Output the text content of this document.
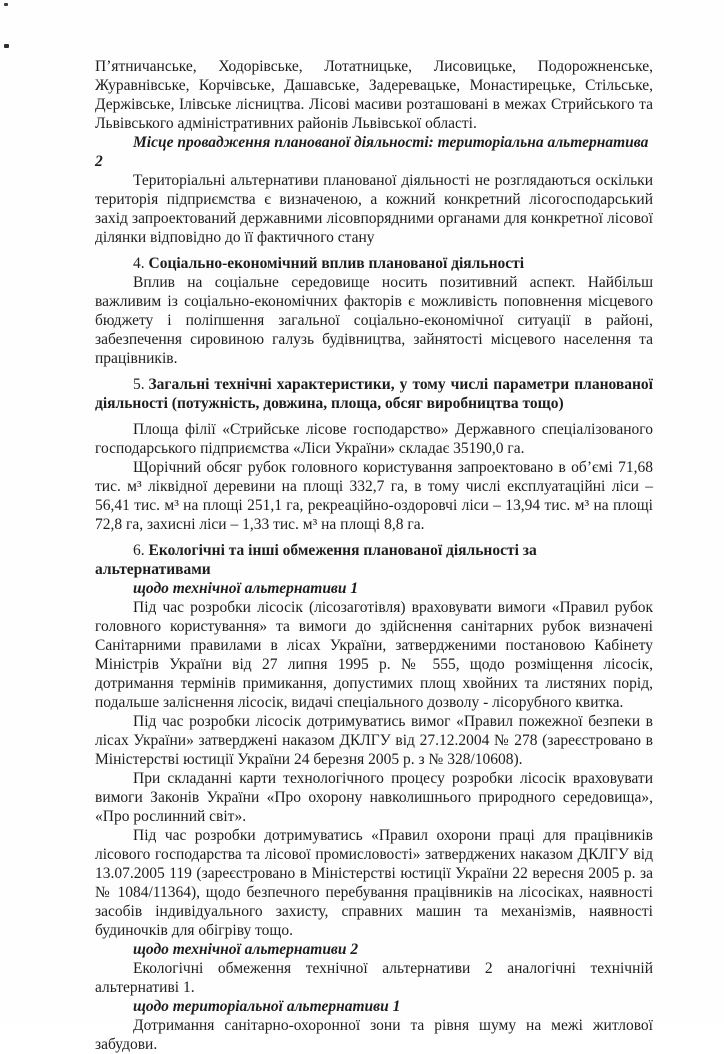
П’ятничанське, Ходорівське, Лотатницьке, Лисовицьке, Подорожненське, Журавнівське, Корчівське, Дашавське, Задеревацьке, Монастирецьке, Стільське, Держівське, Ілівське лісництва. Лісові масиви розташовані в межах Стрийського та Львівського адміністративних районів Львівської області.

Місце провадження планованої діяльності: територіальна альтернатива 2

Територіальні альтернативи планованої діяльності не розглядаються оскільки територія підприємства є визначеною, а кожний конкретний лісогосподарський захід запроектований державними лісовпорядними органами для конкретної лісової ділянки відповідно до її фактичного стану

4. Соціально-економічний вплив планованої діяльності

Вплив на соціальне середовище носить позитивний аспект. Найбільш важливим із соціально-економічних факторів є можливість поповнення місцевого бюджету і поліпшення загальної соціально-економічної ситуації в районі, забезпечення сировиною галузь будівництва, зайнятості місцевого населення та працівників.

5. Загальні технічні характеристики, у тому числі параметри планованої діяльності (потужність, довжина, площа, обсяг виробництва тощо)

Площа філії «Стрийське лісове господарство» Державного спеціалізованого господарського підприємства «Ліси України» складає 35190,0 га.

Щорічний обсяг рубок головного користування запроектовано в об’ємі 71,68 тис. м³ ліквідної деревини на площі 332,7 га, в тому числі експлуатаційні ліси – 56,41 тис. м³ на площі 251,1 га, рекреаційно-оздоровчі ліси – 13,94 тис. м³ на площі 72,8 га, захисні ліси – 1,33 тис. м³ на площі 8,8 га.

6. Екологічні та інші обмеження планованої діяльності за альтернативами

щодо технічної альтернативи 1

Під час розробки лісосік (лісозаготівля) враховувати вимоги «Правил рубок головного користування» та вимоги до здійснення санітарних рубок визначені Санітарними правилами в лісах України, затвердженими постановою Кабінету Міністрів України від 27 липня 1995 р. № 555, щодо розміщення лісосік, дотримання термінів примикання, допустимих площ хвойних та листяних порід, подальше заліснення лісосік, видачі спеціального дозволу - лісорубного квитка.

Під час розробки лісосік дотримуватись вимог «Правил пожежної безпеки в лісах України» затверджені наказом ДКЛГУ від 27.12.2004 № 278 (зареєстровано в Міністерстві юстиції України 24 березня 2005 р. з № 328/10608).

При складанні карти технологічного процесу розробки лісосік враховувати вимоги Законів України «Про охорону навколишнього природного середовища», «Про рослинний світ».

Під час розробки дотримуватись «Правил охорони праці для працівників лісового господарства та лісової промисловості» затверджених наказом ДКЛГУ від 13.07.2005 119 (зареєстровано в Міністерстві юстиції України 22 вересня 2005 р. за № 1084/11364), щодо безпечного перебування працівників на лісосіках, наявності засобів індивідуального захисту, справних машин та механізмів, наявності будиночків для обігріву тощо.

щодо технічної альтернативи 2

Екологічні обмеження технічної альтернативи 2 аналогічні технічній альтернативі 1.

щодо територіальної альтернативи 1

Дотримання санітарно-охоронної зони та рівня шуму на межі житлової забудови.
